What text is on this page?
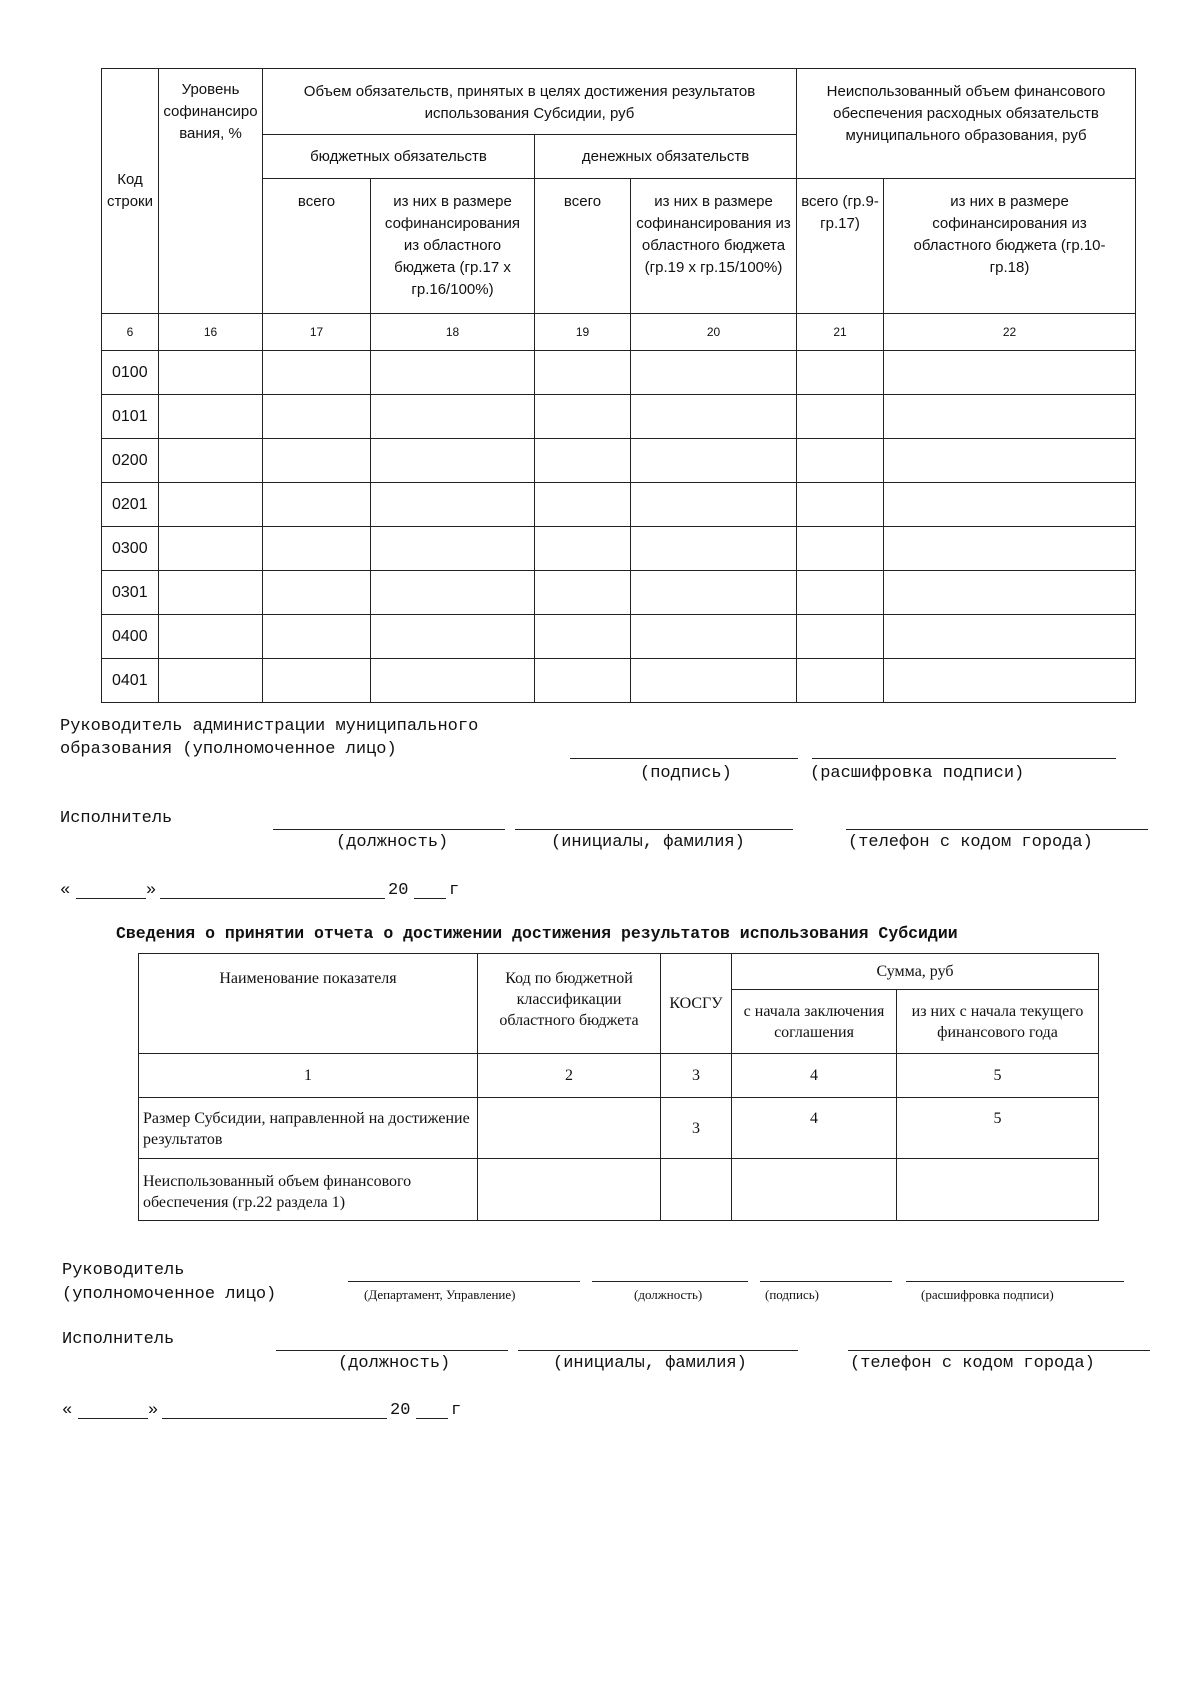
Код строки	Уровень софинансиро вания, %	Объем обязательств, принятых в целях достижения результатов использования Субсидии, руб				Неиспользованный объем финансового обеспечения расходных обязательств муниципального образования, руб	
		бюджетных обязательств		денежных обязательств			
		всего	из них в размере софинансирования из областного бюджета (гр.17 х гр.16/100%)	всего	из них в размере софинансирования из областного бюджета (гр.19 х гр.15/100%)	всего (гр.9-гр.17)	из них в размере софинансирования из областного бюджета (гр.10-гр.18)
6	16	17	18	19	20	21	22
0100							
0101							
0200							
0201							
0300							
0301							
0400							
0401							
Руководитель администрации муниципального
образования (уполномоченное лицо)
(подпись)	(расшифровка подписи)
Исполнитель
(должность)	(инициалы, фамилия)	(телефон с кодом города)
«	»	20 г
Сведения о принятии отчета о достижении достижения результатов использования Субсидии
Наименование показателя	Код по бюджетной классификации областного бюджета	КОСГУ	Сумма, руб	
			с начала заключения соглашения	из них с начала текущего финансового года
1	2	3	4	5
Размер Субсидии, направленной на достижение результатов		3	4	5
Неиспользованный объем финансового обеспечения (гр.22 раздела 1)				
Руководитель
(уполномоченное лицо)	(Департамент, Управление)	(должность)	(подпись)	(расшифровка подписи)
Исполнитель
(должность)	(инициалы, фамилия)	(телефон с кодом города)
«	»	20 г
